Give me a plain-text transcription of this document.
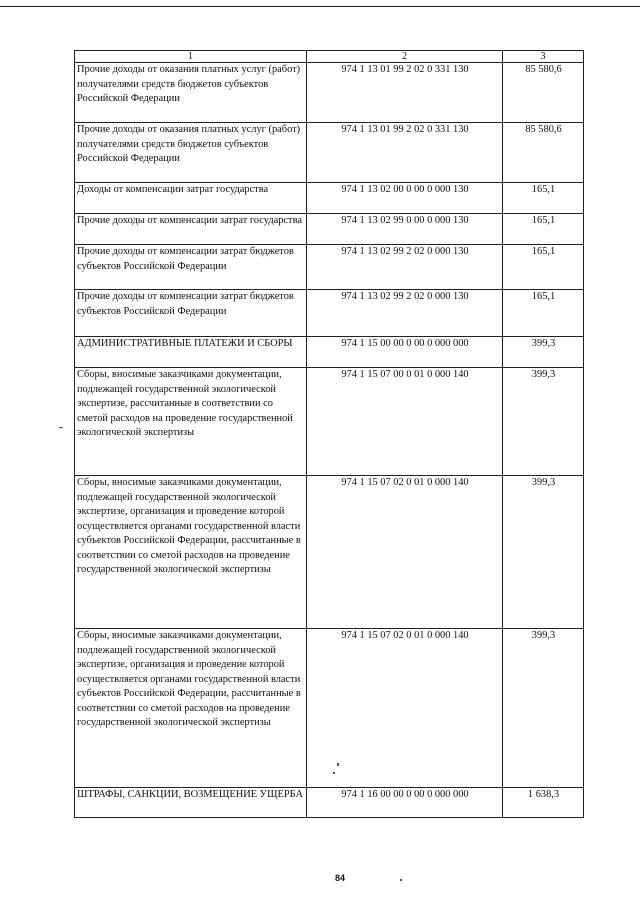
1	2	3
Прочие доходы от оказания платных услуг (работ) получателями средств бюджетов субъектов Российской Федерации	974 1 13 01 99 2 02 0 331 130	85 580,6
Прочие доходы от оказания платных услуг (работ) получателями средств бюджетов субъектов Российской Федерации	974 1 13 01 99 2 02 0 331 130	85 580,6
Доходы от компенсации затрат государства	974 1 13 02 00 0 00 0 000 130	165,1
Прочие доходы от компенсации затрат государства	974 1 13 02 99 0 00 0 000 130	165,1
Прочие доходы от компенсации затрат бюджетов субъектов Российской Федерации	974 1 13 02 99 2 02 0 000 130	165,1
Прочие доходы от компенсации затрат бюджетов субъектов Российской Федерации	974 1 13 02 99 2 02 0 000 130	165,1
АДМИНИСТРАТИВНЫЕ ПЛАТЕЖИ И СБОРЫ	974 1 15 00 00 0 00 0 000 000	399,3
Сборы, вносимые заказчиками документации, подлежащей государственной экологической экспертизе, рассчитанные в соответствии со сметой расходов на проведение государственной экологической экспертизы	974 1 15 07 00 0 01 0 000 140	399,3
Сборы, вносимые заказчиками документации, подлежащей государственной экологической экспертизе, организация и проведение которой осуществляется органами государственной власти субъектов Российской Федерации, рассчитанные в соответствии со сметой расходов на проведение государственной экологической экспертизы	974 1 15 07 02 0 01 0 000 140	399,3
Сборы, вносимые заказчиками документации, подлежащей государственной экологической экспертизе, организация и проведение которой осуществляется органами государственной власти субъектов Российской Федерации, рассчитанные в соответствии со сметой расходов на проведение государственной экологической экспертизы	974 1 15 07 02 0 01 0 000 140	399,3
ШТРАФЫ, САНКЦИИ, ВОЗМЕЩЕНИЕ УЩЕРБА	974 1 16 00 00 0 00 0 000 000	1 638,3
84
